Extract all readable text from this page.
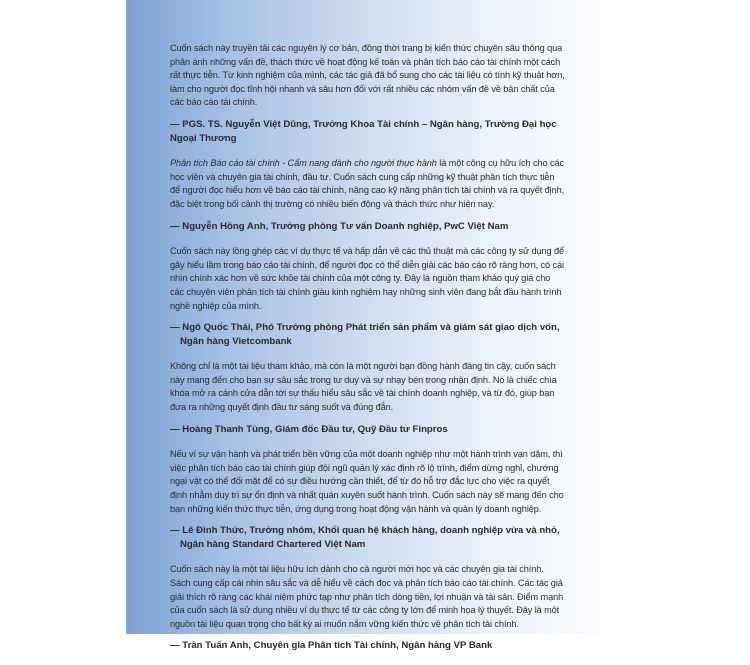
Cuốn sách này truyền tải các nguyên lý cơ bản, đồng thời trang bị kiến thức chuyên sâu thông qua phân ánh những vấn đề, thách thức về hoạt động kế toán và phân tích báo cáo tài chính một cách rất thực tiễn. Từ kinh nghiệm của mình, các tác giả đã bổ sung cho các tài liệu có tính kỹ thuật hơn, làm cho người đọc tĩnh hội nhanh và sâu hơn đối với rất nhiều các nhóm vấn đề về bản chất của các báo cáo tài chính.

— PGS. TS. Nguyễn Việt Dũng, Trưởng Khoa Tài chính – Ngân hàng, Trường Đại học Ngoại Thương

Phân tích Báo cáo tài chính - Cẩm nang dành cho người thực hành là một công cụ hữu ích cho các học viên và chuyên gia tài chính, đầu tư. Cuốn sách cung cấp những kỹ thuật phân tích thực tiễn để người đọc hiểu hơn về báo cáo tài chính, nâng cao kỹ năng phân tích tài chính và ra quyết định, đặc biệt trong bối cảnh thị trường có nhiều biến động và thách thức như hiện nay.

— Nguyễn Hồng Anh, Trưởng phòng Tư vấn Doanh nghiệp, PwC Việt Nam

Cuốn sách này lồng ghép các ví dụ thực tế và hấp dẫn về các thủ thuật mà các công ty sử dụng để gây hiểu lầm trong báo cáo tài chính, để người đọc có thể diễn giải các báo cáo rõ ràng hơn, có cái nhìn chính xác hơn về sức khỏe tài chính của một công ty. Đây là nguồn tham khảo quý giá cho các chuyên viên phân tích tài chính giàu kinh nghiệm hay những sinh viên đang bắt đầu hành trình nghề nghiệp của mình.

— Ngô Quốc Thái, Phó Trưởng phòng Phát triển sản phẩm và giám sát giao dịch vốn,
Ngân hàng Vietcombank

Không chỉ là một tài liệu tham khảo, mà còn là một người bạn đồng hành đáng tin cậy, cuốn sách này mang đến cho bạn sự sâu sắc trong tư duy và sự nhạy bén trong nhận định. Nó là chiếc chìa khóa mở ra cánh cửa dẫn tới sự thấu hiểu sâu sắc về tài chính doanh nghiệp, và từ đó, giúp bạn đưa ra những quyết định đầu tư sáng suốt và đúng đắn.

— Hoàng Thanh Tùng, Giám đốc Đầu tư, Quỹ Đầu tư Finpros

Nếu ví sự vận hành và phát triển bền vững của một doanh nghiệp như một hành trình vạn dặm, thì việc phân tích báo cáo tài chính giúp đội ngũ quản lý xác định rõ lộ trình, điểm dừng nghỉ, chướng ngại vật có thể đối mặt để có sự điều hướng cần thiết, để từ đó hỗ trợ đắc lực cho việc ra quyết định nhằm duy trì sự ổn định và nhất quán xuyên suốt hành trình. Cuốn sách này sẽ mang đến cho bạn những kiến thức thực tiễn, ứng dụng trong hoạt động vận hành và quản lý doanh nghiệp.

— Lê Đình Thức, Trưởng nhóm, Khối quan hệ khách hàng, doanh nghiệp vừa và nhỏ,
Ngân hàng Standard Chartered Việt Nam

Cuốn sách này là một tài liệu hữu ích dành cho cả người mới học và các chuyên gia tài chính. Sách cung cấp cái nhìn sâu sắc và dễ hiểu về cách đọc và phân tích báo cáo tài chính. Các tác giả giải thích rõ ràng các khái niệm phức tạp như phân tích dòng tiền, lợi nhuận và tài sản. Điểm mạnh của cuốn sách là sử dụng nhiều ví dụ thực tế từ các công ty lớn để minh họa lý thuyết. Đây là một nguồn tài liệu quan trọng cho bất kỳ ai muốn nắm vững kiến thức về phân tích tài chính.

— Trần Tuấn Anh, Chuyên gia Phân tích Tài chính, Ngân hàng VP Bank
